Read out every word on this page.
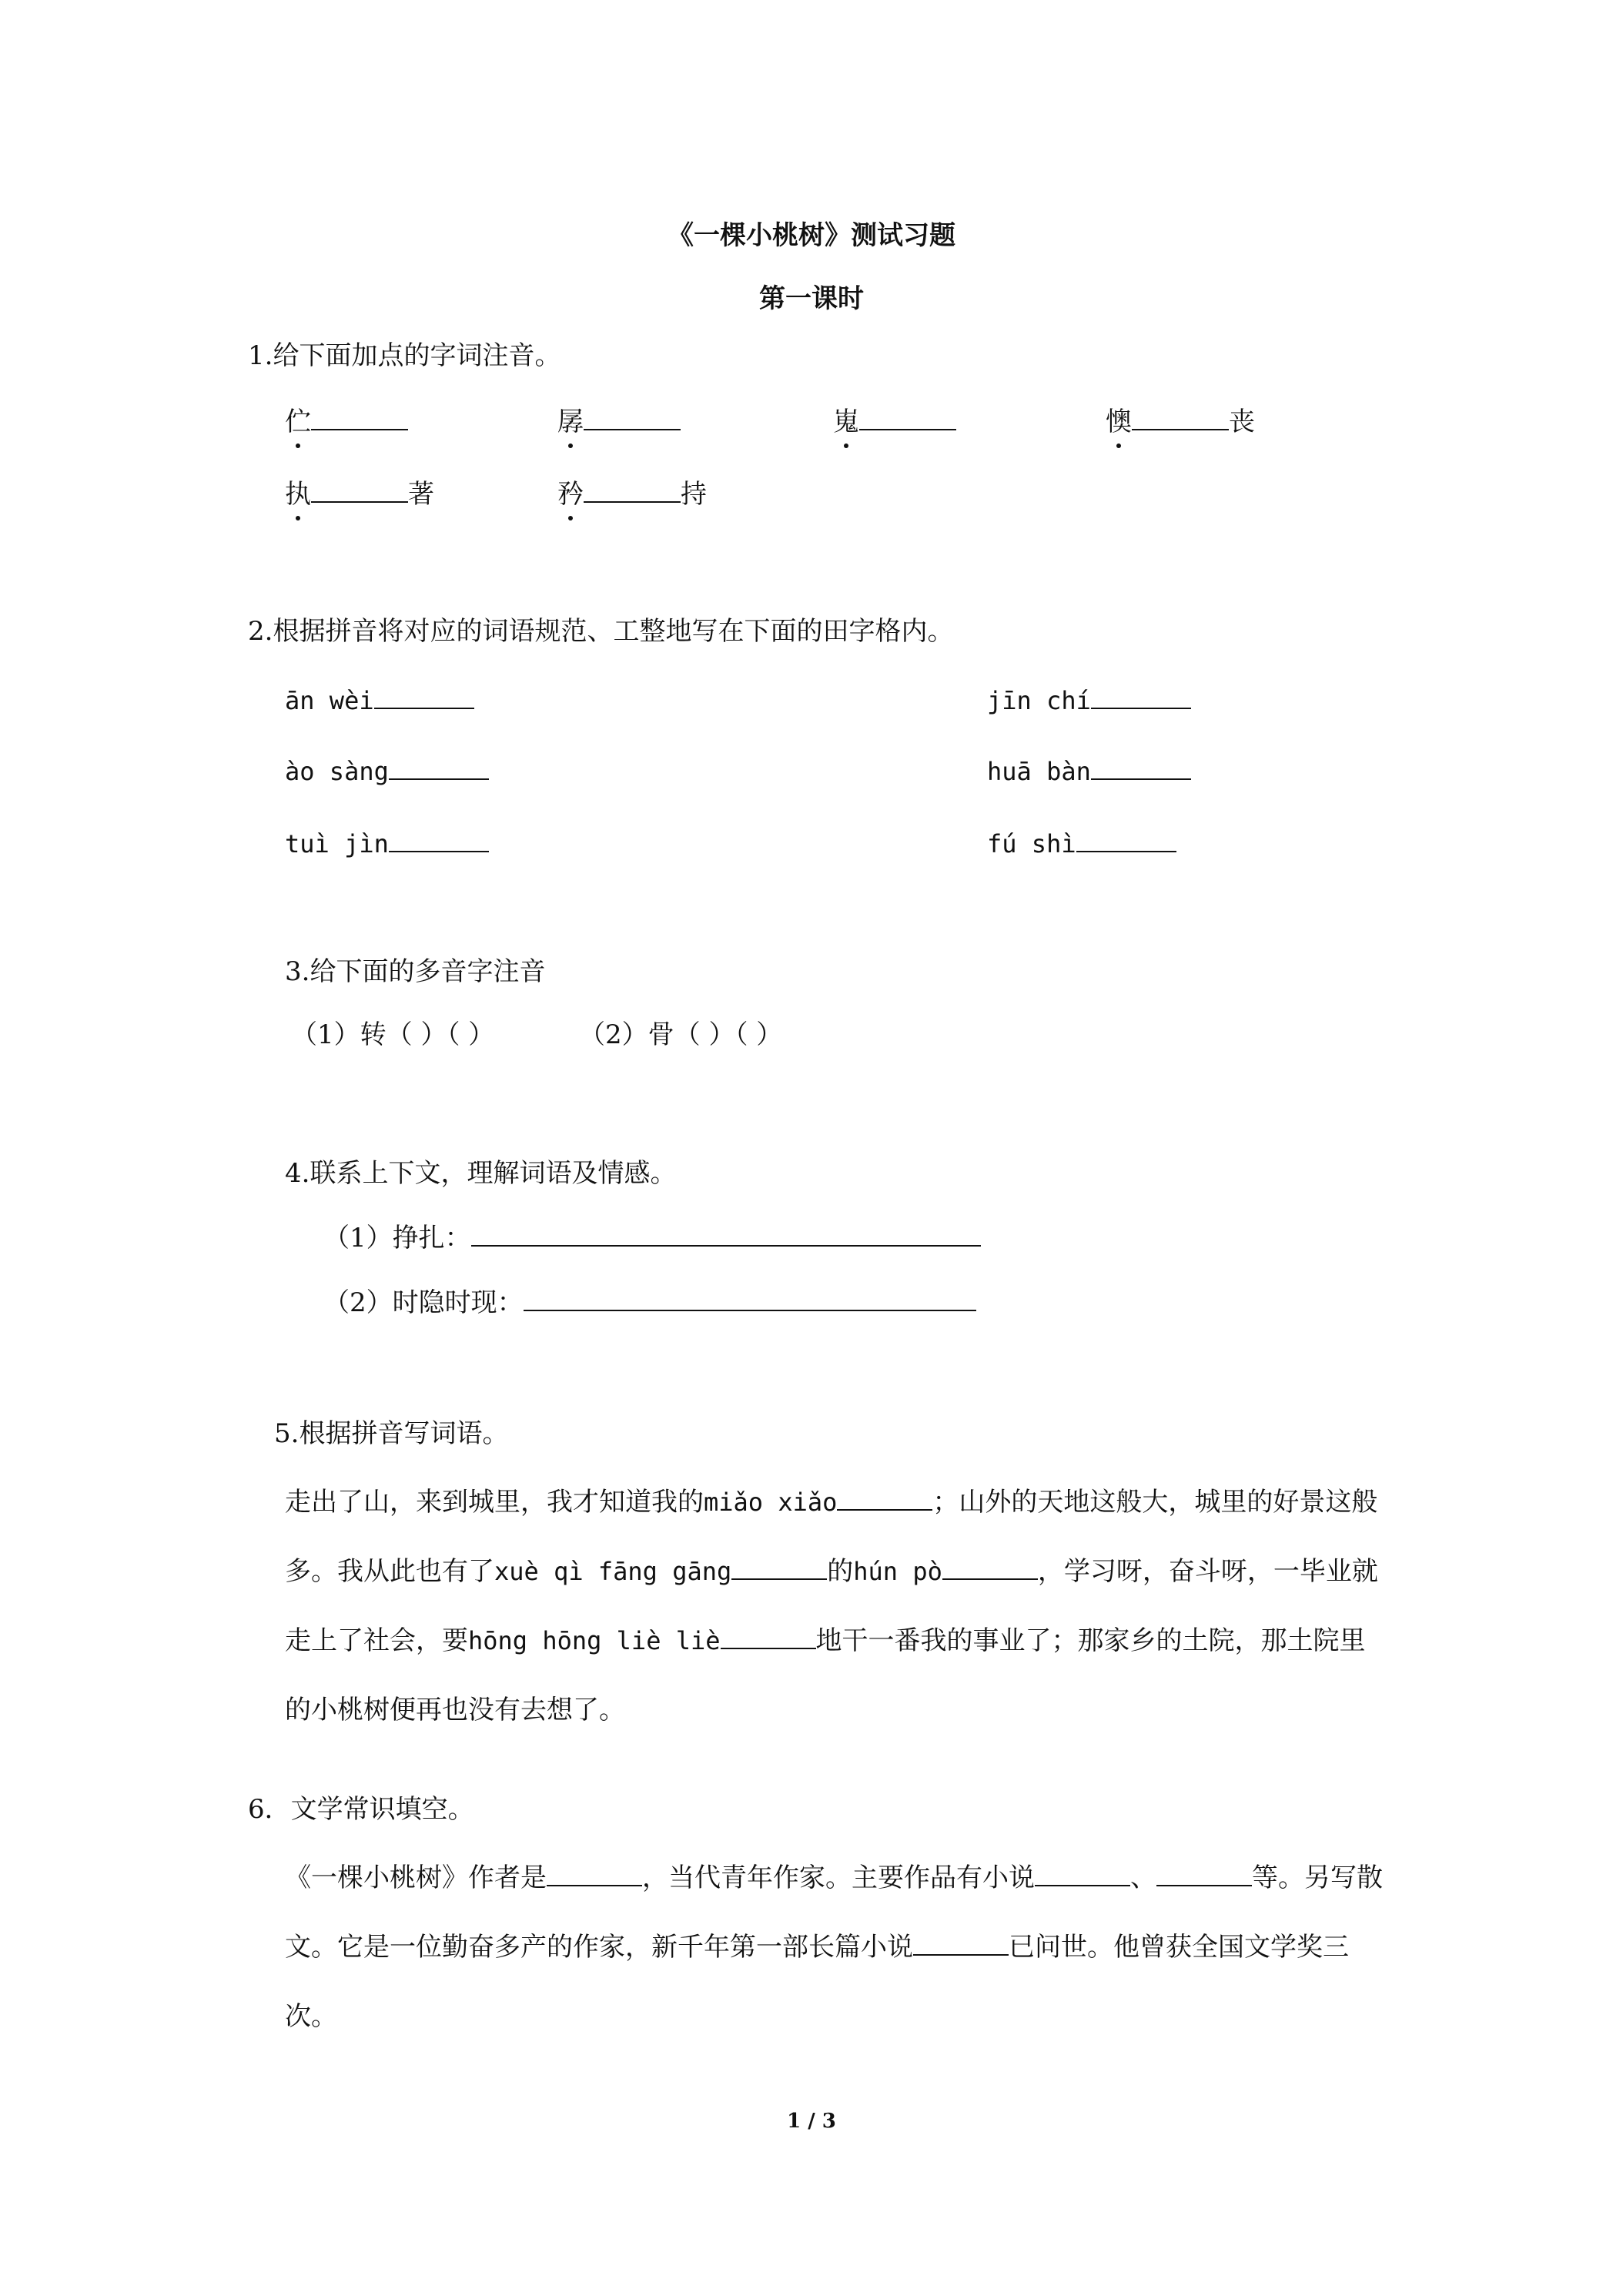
《一棵小桃树》测试习题
第一课时
1.给下面加点的字词注音。
伫	孱	嵬	懊	丧
执	著	矜	持
2.根据拼音将对应的词语规范、工整地写在下面的田字格内。
ān wèi	jīn chí
ào sàng	huā bàn
tuì jìn	fú shì
3.给下面的多音字注音
（1）转（ ）（ ）	（2）骨（ ）（ ）
4.联系上下文，理解词语及情感。
（1）挣扎：
（2）时隐时现：
5.根据拼音写词语。
走出了山，来到城里，我才知道我的miǎo xiǎo	；山外的天地这般大，城里的好景这般多。我从此也有了xuè qì fāng gāng	的hún pò	，学习呀，奋斗呀，一毕业就走上了社会，要hōng hōng liè liè	地干一番我的事业了；那家乡的土院，那土院里的小桃树便再也没有去想了。
6．文学常识填空。
《一棵小桃树》作者是	，当代青年作家。主要作品有小说	、	等。另写散文。它是一位勤奋多产的作家，新千年第一部长篇小说	已问世。他曾获全国文学奖三次。
1 / 3
